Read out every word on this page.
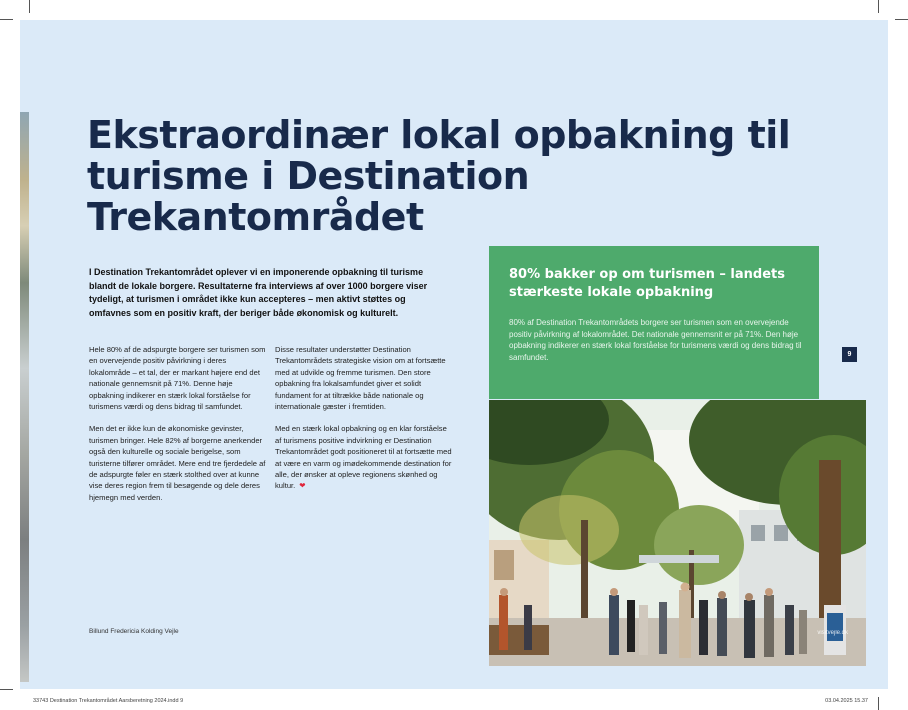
Ekstraordinær lokal opbakning til turisme i Destination Trekantområdet

I Destination Trekantområdet oplever vi en imponerende opbakning til turisme blandt de lokale borgere. Resultaterne fra interviews af over 1000 borgere viser tydeligt, at turismen i området ikke kun accepteres – men aktivt støttes og omfavnes som en positiv kraft, der beriger både økonomisk og kulturelt.

Hele 80% af de adspurgte borgere ser turismen som en overvejende positiv påvirkning i deres lokalområde – et tal, der er markant højere end det nationale gennemsnit på 71%. Denne høje opbakning indikerer en stærk lokal forståelse for turismens værdi og dens bidrag til samfundet.

Men det er ikke kun de økonomiske gevinster, turismen bringer. Hele 82% af borgerne anerkender også den kulturelle og sociale berigelse, som turisterne tilfører området. Mere end tre fjerdedele af de adspurgte føler en stærk stolthed over at kunne vise deres region frem til besøgende og dele deres hjemegn med verden.

Disse resultater understøtter Destination Trekantområdets strategiske vision om at fortsætte med at udvikle og fremme turismen. Den store opbakning fra lokalsamfundet giver et solidt fundament for at tiltrække både nationale og internationale gæster i fremtiden.

Med en stærk lokal opbakning og en klar forståelse af turismens positive indvirkning er Destination Trekantområdet godt positioneret til at fortsætte med at være en varm og imødekommende destination for alle, der ønsker at opleve regionens skønhed og kultur. ❤

80% bakker op om turismen – landets stærkeste lokale opbakning

80% af Destination Trekantområdets borgere ser turismen som en overvejende positiv påvirkning af lokalområdet. Det nationale gennemsnit er på 71%. Den høje opbakning indikerer en stærk lokal forståelse for turismens værdi og dens bidrag til samfundet.	9
visitvejle.dk
Billund Fredericia Kolding Vejle
33743 Destination Trekantområdet Aarsberetning 2024.indd 9	03.04.2025 15.37
